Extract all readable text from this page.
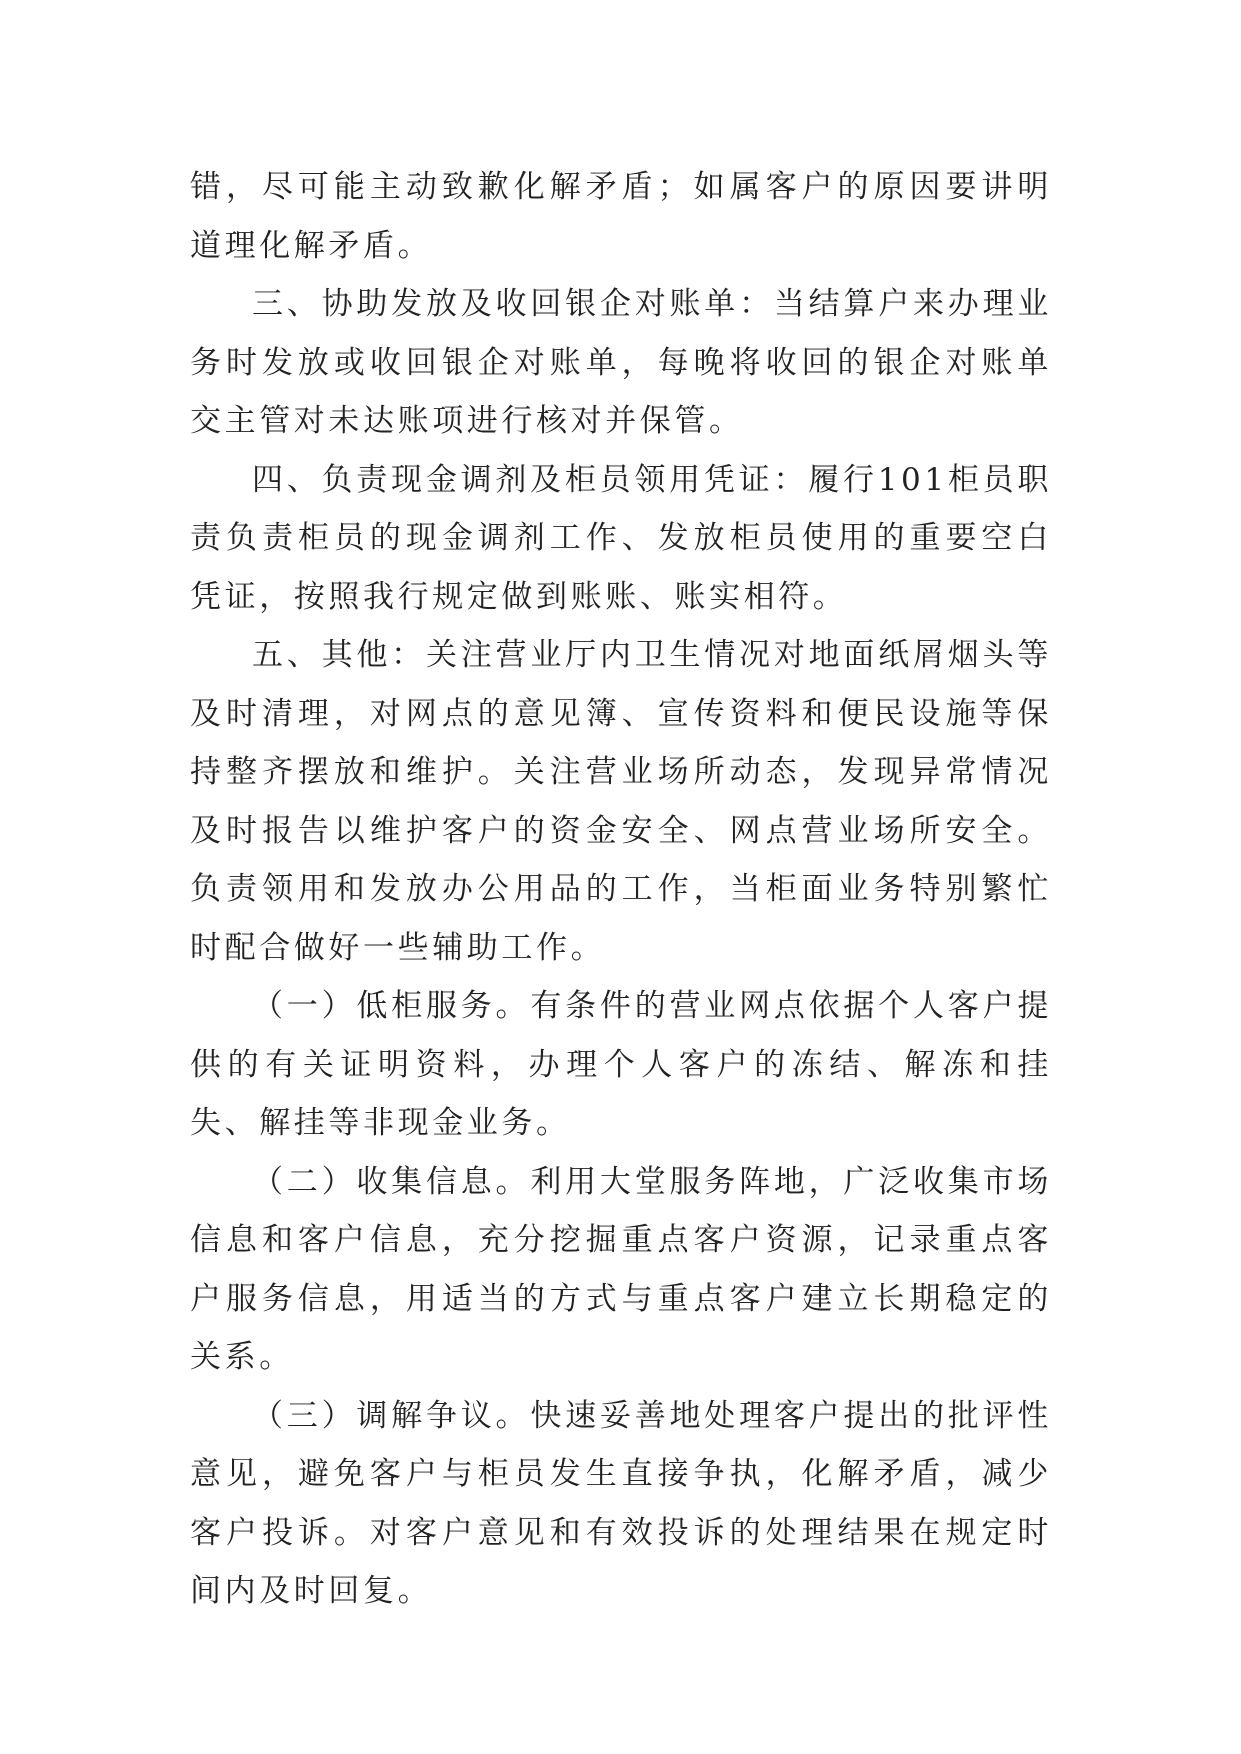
错，尽可能主动致歉化解矛盾；如属客户的原因要讲明道理化解矛盾。

三、协助发放及收回银企对账单：当结算户来办理业务时发放或收回银企对账单，每晚将收回的银企对账单交主管对未达账项进行核对并保管。

四、负责现金调剂及柜员领用凭证：履行101柜员职责负责柜员的现金调剂工作、发放柜员使用的重要空白凭证，按照我行规定做到账账、账实相符。

五、其他：关注营业厅内卫生情况对地面纸屑烟头等及时清理，对网点的意见簿、宣传资料和便民设施等保持整齐摆放和维护。关注营业场所动态，发现异常情况及时报告以维护客户的资金安全、网点营业场所安全。负责领用和发放办公用品的工作，当柜面业务特别繁忙时配合做好一些辅助工作。

（一）低柜服务。有条件的营业网点依据个人客户提供的有关证明资料，办理个人客户的冻结、解冻和挂失、解挂等非现金业务。

（二）收集信息。利用大堂服务阵地，广泛收集市场信息和客户信息，充分挖掘重点客户资源，记录重点客户服务信息，用适当的方式与重点客户建立长期稳定的关系。

（三）调解争议。快速妥善地处理客户提出的批评性意见，避免客户与柜员发生直接争执，化解矛盾，减少客户投诉。对客户意见和有效投诉的处理结果在规定时间内及时回复。
